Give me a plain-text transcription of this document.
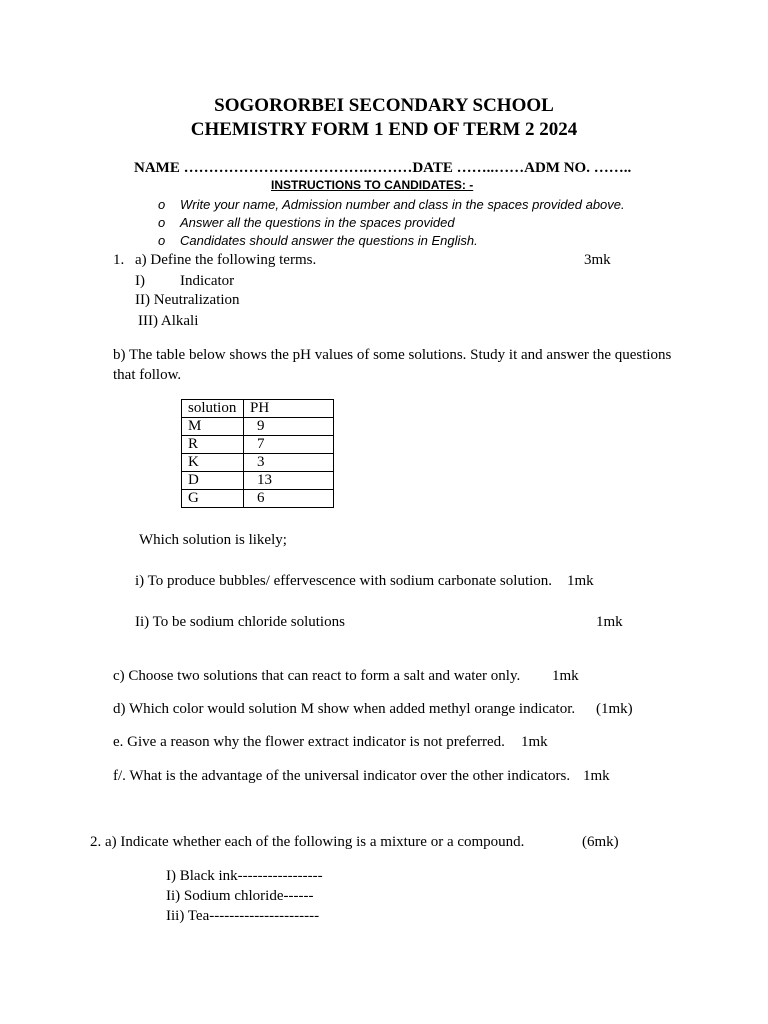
SOGORORBEI SECONDARY SCHOOL
CHEMISTRY FORM 1 END OF TERM 2 2024
NAME ……………………………….………DATE ……..……ADM NO. ……..
INSTRUCTIONS TO CANDIDATES: -
o Write your name, Admission number and class in the spaces provided above.
o Answer all the questions in the spaces provided
o Candidates should answer the questions in English.
1. a) Define the following terms.	3mk
I) Indicator
II) Neutralization
III) Alkali
b) The table below shows the pH values of some solutions. Study it and answer the questions
that follow.
solution	PH
M	9
R	7
K	3
D	13
G	6
Which solution is likely;
i) To produce bubbles/ effervescence with sodium carbonate solution. 1mk
Ii) To be sodium chloride solutions	1mk
c) Choose two solutions that can react to form a salt and water only. 1mk
d) Which color would solution M show when added methyl orange indicator. (1mk)
e. Give a reason why the flower extract indicator is not preferred. 1mk
f/. What is the advantage of the universal indicator over the other indicators. 1mk
2. a) Indicate whether each of the following is a mixture or a compound.	(6mk)
I) Black ink-----------------
Ii) Sodium chloride------
Iii) Tea----------------------
